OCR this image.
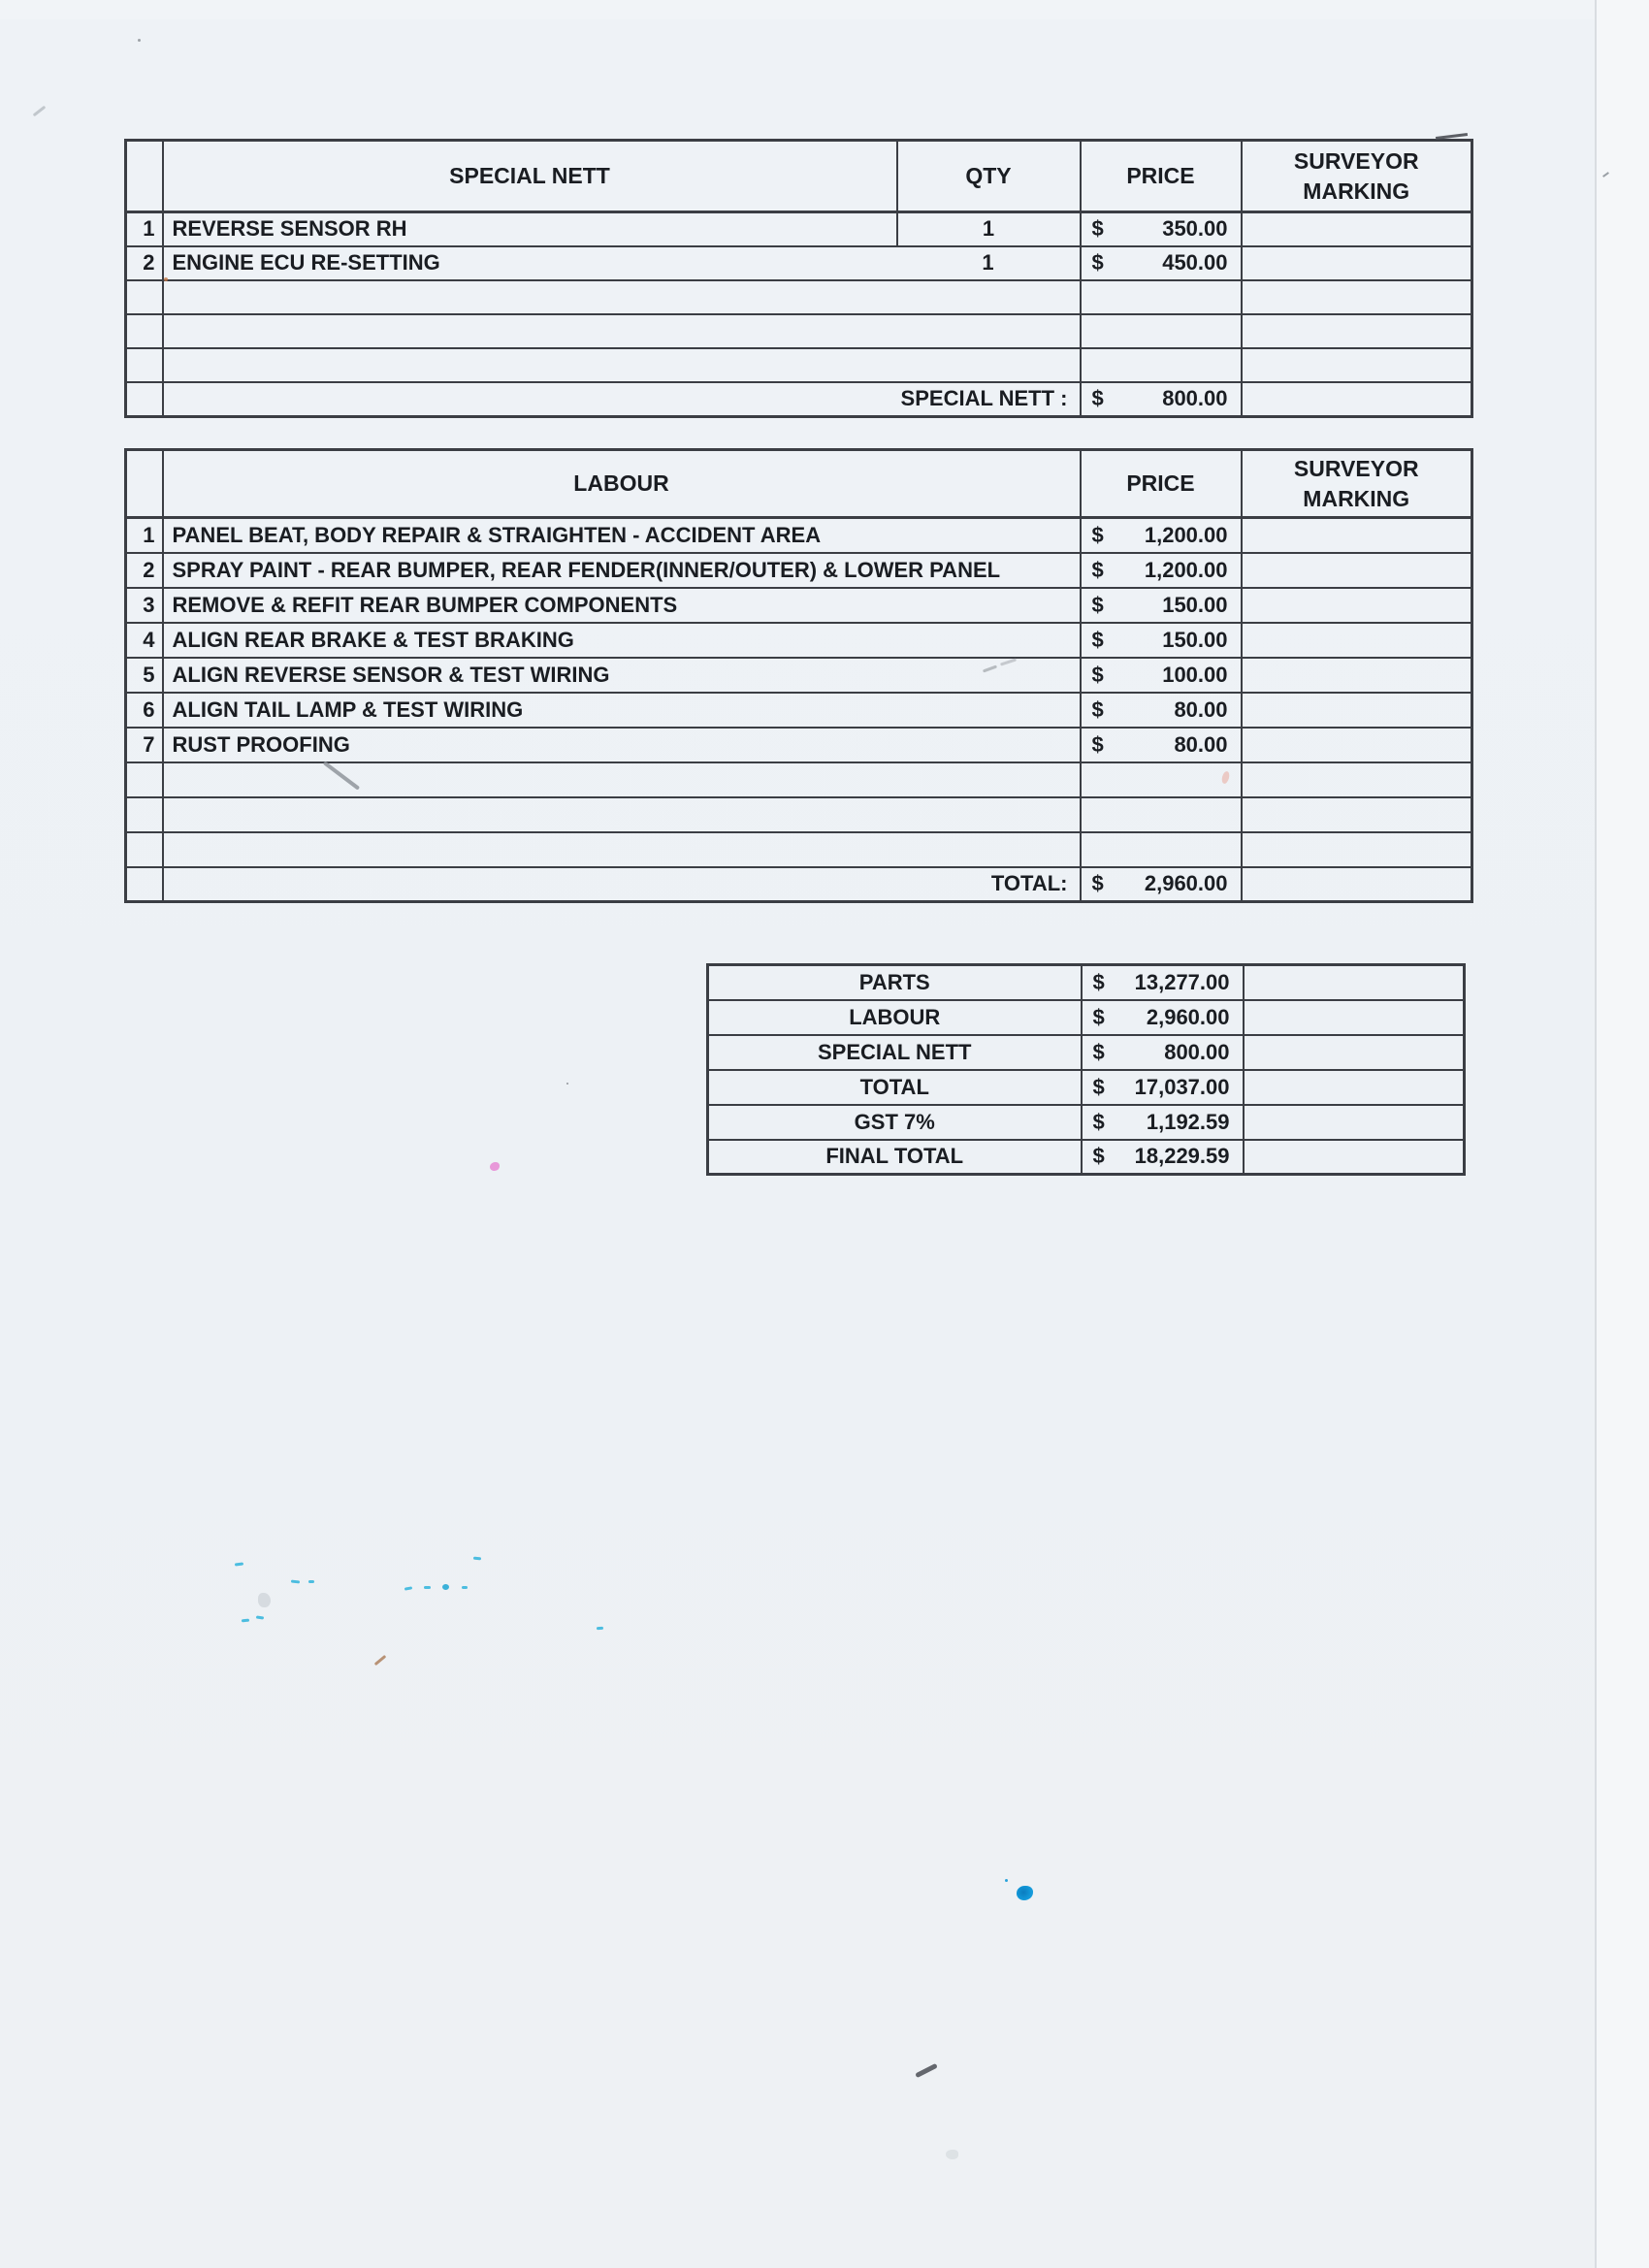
	SPECIAL NETT	QTY	PRICE	SURVEYOR MARKING
1	REVERSE SENSOR RH	1	$ 350.00	

2	ENGINE ECU RE-SETTING	1	$ 450.00	

	SPECIAL NETT :		$ 800.00	

	LABOUR	PRICE	SURVEYOR MARKING
1	PANEL BEAT, BODY REPAIR & STRAIGHTEN - ACCIDENT AREA	$ 1,200.00	

2	SPRAY PAINT - REAR BUMPER, REAR FENDER(INNER/OUTER) & LOWER PANEL	$ 1,200.00	

3	REMOVE & REFIT REAR BUMPER COMPONENTS	$ 150.00	

4	ALIGN REAR BRAKE & TEST BRAKING	$ 150.00	

5	ALIGN REVERSE SENSOR & TEST WIRING	$ 100.00	

6	ALIGN TAIL LAMP & TEST WIRING	$ 80.00	

7	RUST PROOFING	$ 80.00	

	TOTAL:	$ 2,960.00	

PARTS	$ 13,277.00	

LABOUR	$ 2,960.00	

SPECIAL NETT	$ 800.00	

TOTAL	$ 17,037.00	

GST 7%	$ 1,192.59	

FINAL TOTAL	$ 18,229.59	
